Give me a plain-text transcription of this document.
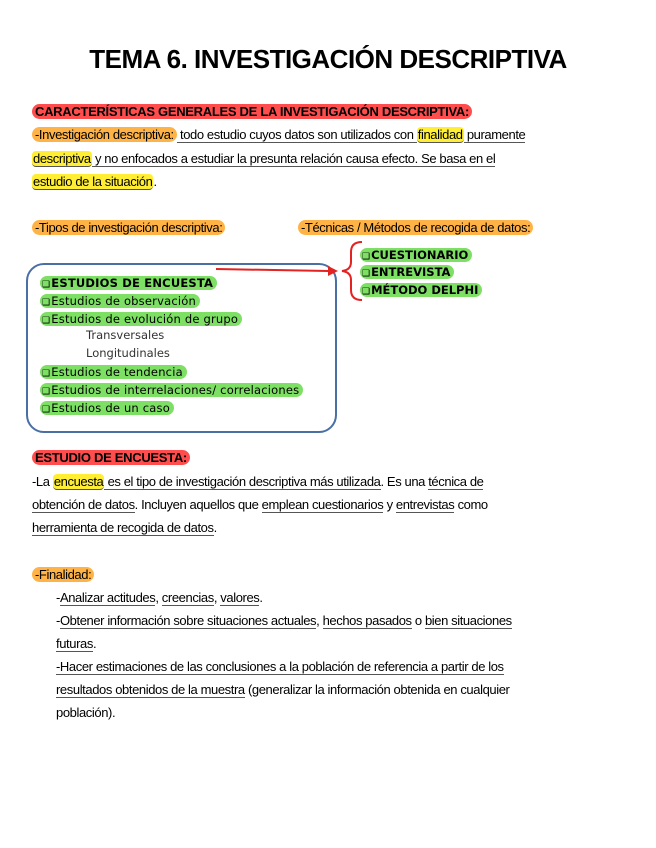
TEMA 6. INVESTIGACIÓN DESCRIPTIVA
CARACTERÍSTICAS GENERALES DE LA INVESTIGACIÓN DESCRIPTIVA:
-Investigación descriptiva: todo estudio cuyos datos son utilizados con finalidad puramente
descriptiva y no enfocados a estudiar la presunta relación causa efecto. Se basa en el
estudio de la situación.
-Tipos de investigación descriptiva:	-Técnicas / Métodos de recogida de datos:
❑ESTUDIOS DE ENCUESTA
❑Estudios de observación
❑Estudios de evolución de grupo
Transversales
Longitudinales
❑Estudios de tendencia
❑Estudios de interrelaciones/ correlaciones
❑Estudios de un caso
❑CUESTIONARIO
❑ENTREVISTA
❑MÉTODO DELPHI
ESTUDIO DE ENCUESTA:
-La encuesta es el tipo de investigación descriptiva más utilizada. Es una técnica de
obtención de datos. Incluyen aquellos que emplean cuestionarios y entrevistas como
herramienta de recogida de datos.
-Finalidad:
-Analizar actitudes, creencias, valores.
-Obtener información sobre situaciones actuales, hechos pasados o bien situaciones
futuras.
-Hacer estimaciones de las conclusiones a la población de referencia a partir de los
resultados obtenidos de la muestra (generalizar la información obtenida en cualquier
población).
